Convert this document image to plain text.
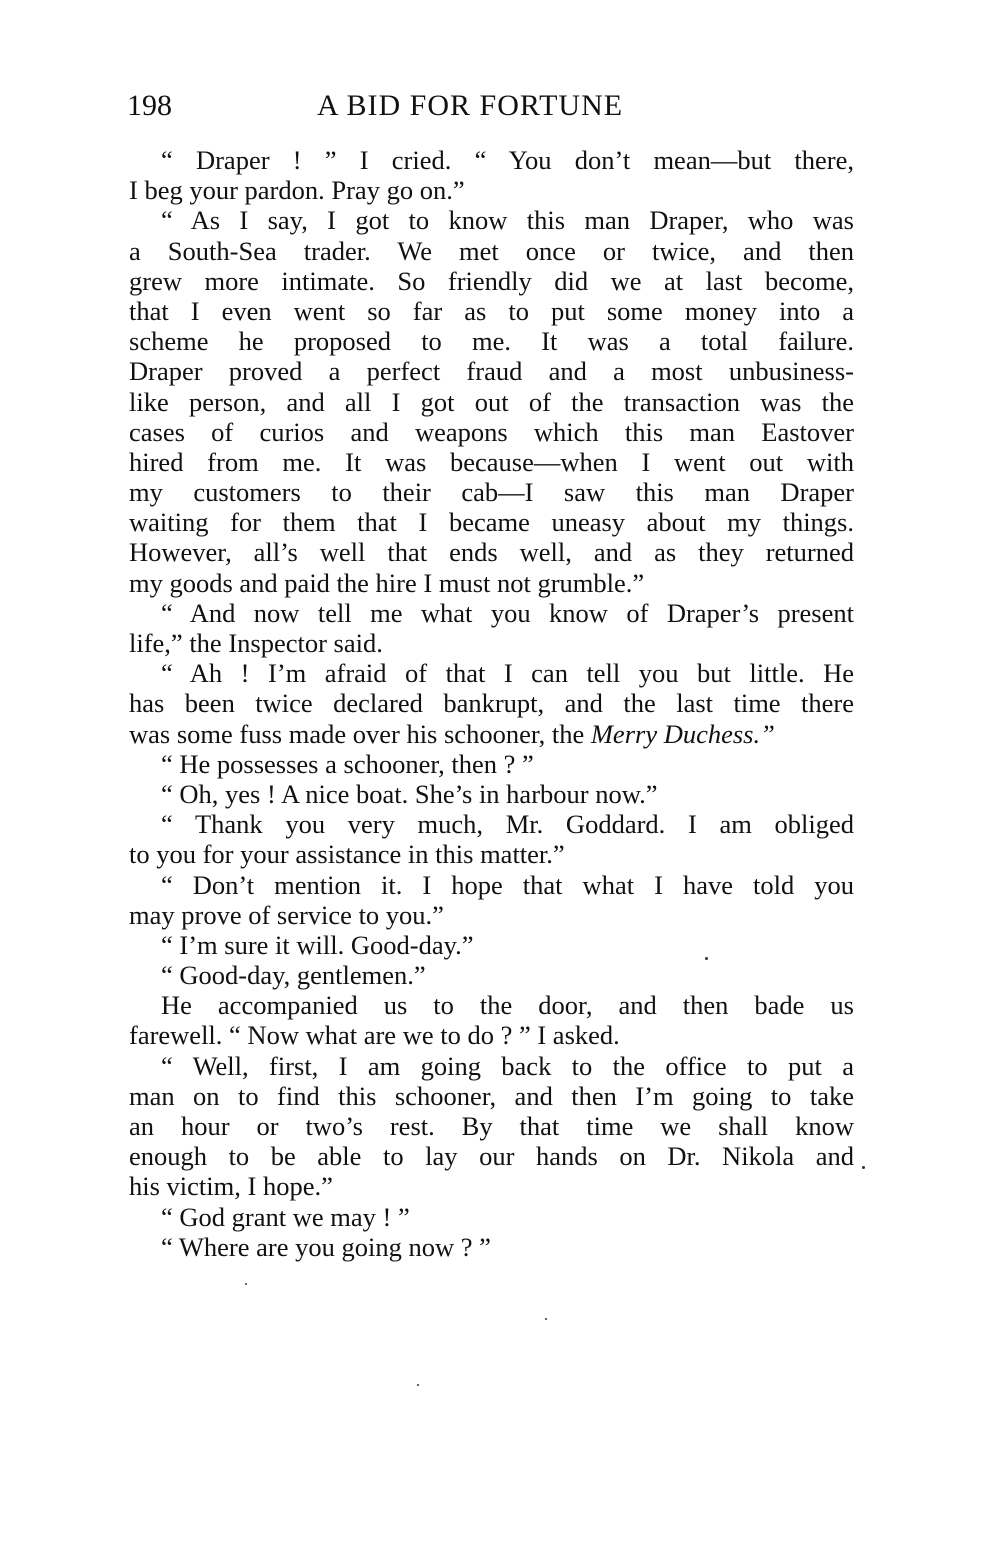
198	A BID FOR FORTUNE
“ Draper ! ” I cried. “ You don’t mean—but there,
I beg your pardon. Pray go on.”
“ As I say, I got to know this man Draper, who was
a South-Sea trader. We met once or twice, and then
grew more intimate. So friendly did we at last become,
that I even went so far as to put some money into a
scheme he proposed to me. It was a total failure.
Draper proved a perfect fraud and a most unbusiness-
like person, and all I got out of the transaction was the
cases of curios and weapons which this man Eastover
hired from me. It was because—when I went out with
my customers to their cab—I saw this man Draper
waiting for them that I became uneasy about my things.
However, all’s well that ends well, and as they returned
my goods and paid the hire I must not grumble.”
“ And now tell me what you know of Draper’s present
life,” the Inspector said.
“ Ah ! I’m afraid of that I can tell you but little. He
has been twice declared bankrupt, and the last time there
was some fuss made over his schooner, the Merry Duchess.”
“ He possesses a schooner, then ? ”
“ Oh, yes ! A nice boat. She’s in harbour now.”
“ Thank you very much, Mr. Goddard. I am obliged
to you for your assistance in this matter.”
“ Don’t mention it. I hope that what I have told you
may prove of service to you.”
“ I’m sure it will. Good-day.”
“ Good-day, gentlemen.”
He accompanied us to the door, and then bade us
farewell. “ Now what are we to do ? ” I asked.
“ Well, first, I am going back to the office to put a
man on to find this schooner, and then I’m going to take
an hour or two’s rest. By that time we shall know
enough to be able to lay our hands on Dr. Nikola and
his victim, I hope.”
“ God grant we may ! ”
“ Where are you going now ? ”
